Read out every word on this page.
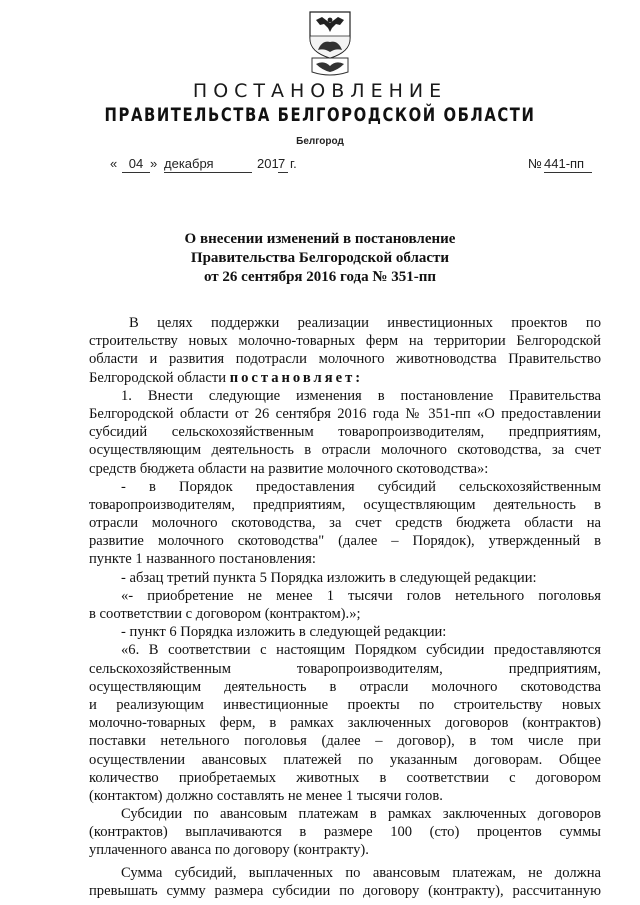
ПОСТАНОВЛЕНИЕ
ПРАВИТЕЛЬСТВА БЕЛГОРОДСКОЙ ОБЛАСТИ
Белгород
« 04 » декабря	201 7 г.	№ 441-пп
О внесении изменений в постановление
Правительства Белгородской области
от 26 сентября 2016 года № 351-пп
В целях поддержки реализации инвестиционных проектов по
строительству новых молочно-товарных ферм на территории Белгородской
области и развития подотрасли молочного животноводства Правительство
Белгородской области постановляет:
1. Внести следующие изменения в постановление Правительства
Белгородской области от 26 сентября 2016 года № 351-пп «О предоставлении
субсидий сельскохозяйственным товаропроизводителям, предприятиям,
осуществляющим деятельность в отрасли молочного скотоводства, за счет
средств бюджета области на развитие молочного скотоводства»:
- в Порядок предоставления субсидий сельскохозяйственным
товаропроизводителям, предприятиям, осуществляющим деятельность в
отрасли молочного скотоводства, за счет средств бюджета области на
развитие молочного скотоводства" (далее – Порядок), утвержденный в
пункте 1 названного постановления:
- абзац третий пункта 5 Порядка изложить в следующей редакции:
«- приобретение не менее 1 тысячи голов нетельного поголовья
в соответствии с договором (контрактом).»;
- пункт 6 Порядка изложить в следующей редакции:
«6. В соответствии с настоящим Порядком субсидии предоставляются
сельскохозяйственным товаропроизводителям, предприятиям,
осуществляющим деятельность в отрасли молочного скотоводства
и реализующим инвестиционные проекты по строительству новых
молочно-товарных ферм, в рамках заключенных договоров (контрактов)
поставки нетельного поголовья (далее – договор), в том числе при
осуществлении авансовых платежей по указанным договорам. Общее
количество приобретаемых животных в соответствии с договором
(контактом) должно составлять не менее 1 тысячи голов.
Субсидии по авансовым платежам в рамках заключенных договоров
(контрактов) выплачиваются в размере 100 (сто) процентов суммы
уплаченного аванса по договору (контракту).
Сумма субсидий, выплаченных по авансовым платежам, не должна
превышать сумму размера субсидии по договору (контракту), рассчитанную
